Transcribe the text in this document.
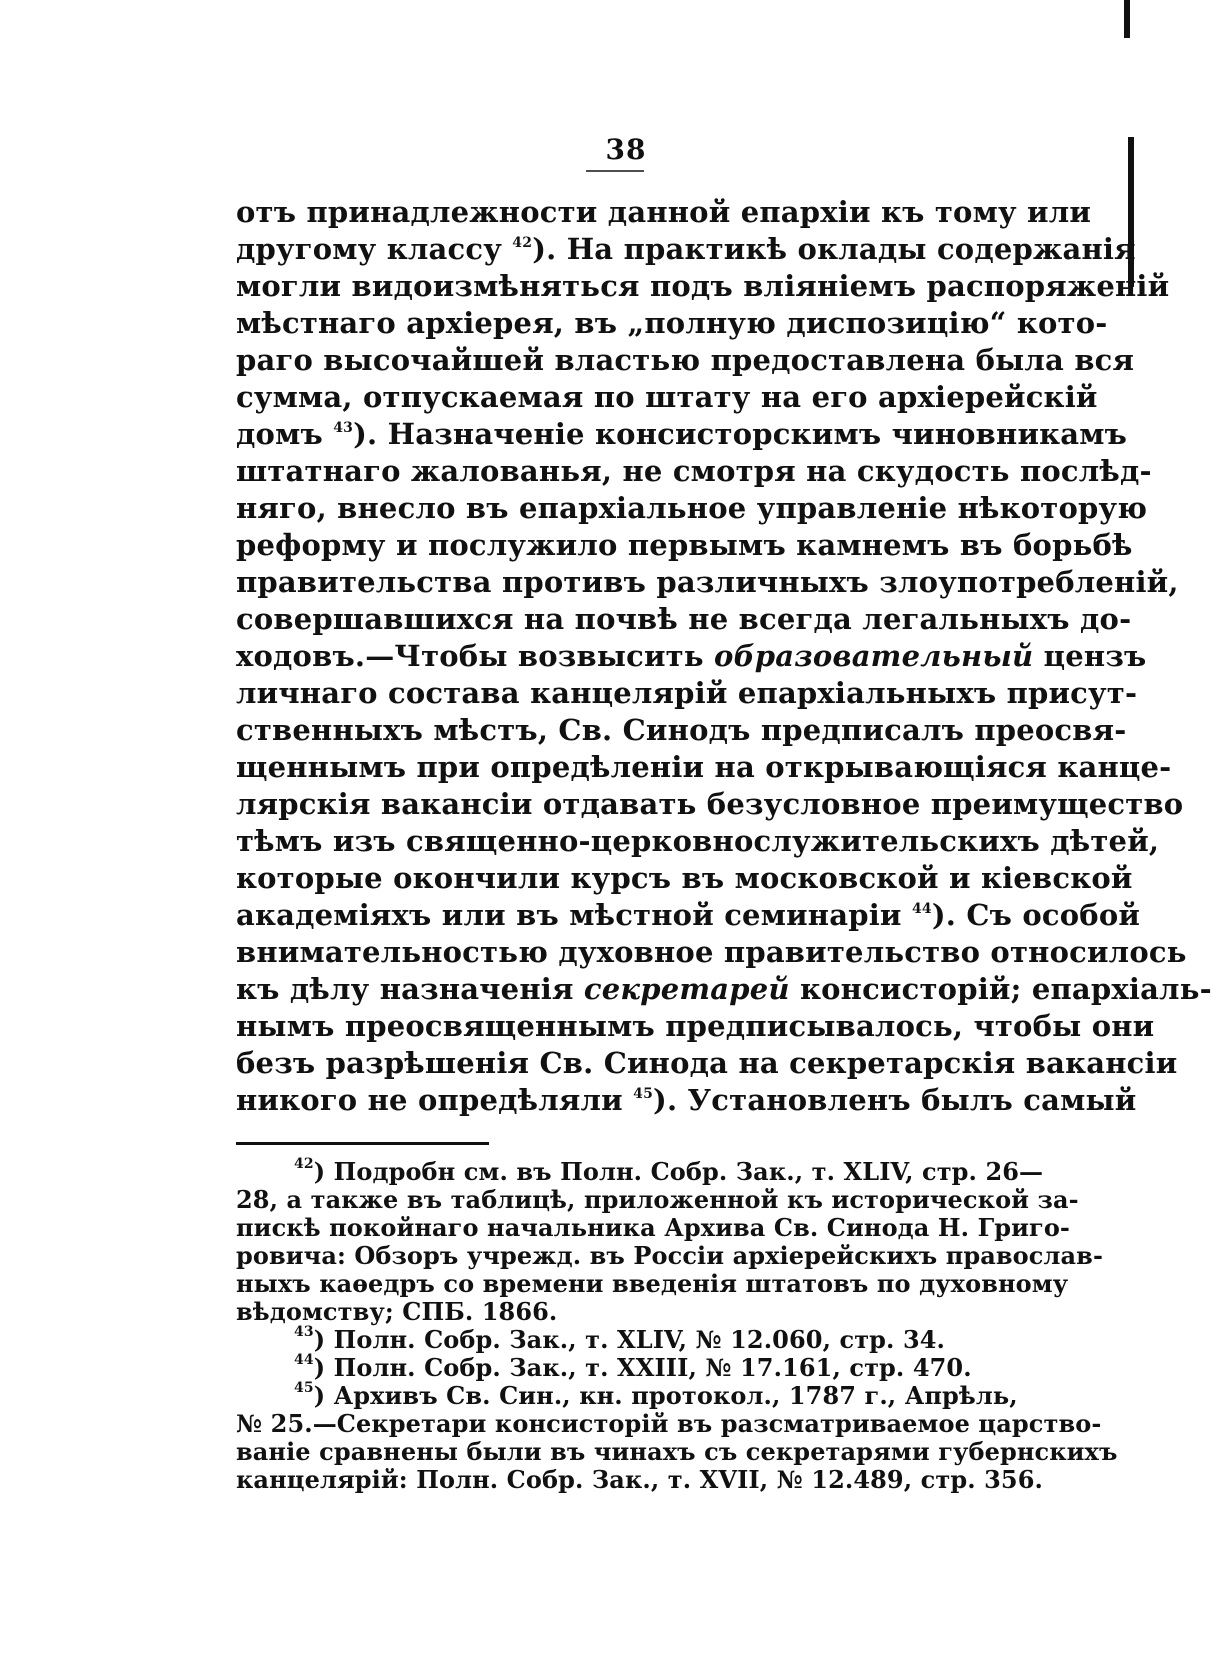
38
отъ принадлежности данной епархіи къ тому или
другому классу $^{42}$). На практикѣ оклады содержанія
могли видоизмѣняться подъ вліяніемъ распоряженій
мѣстнаго архіерея, въ „полную диспозицію“ кото-
раго высочайшей властью предоставлена была вся
сумма, отпускаемая по штату на его архіерейскій
домъ $^{43}$). Назначеніе консисторскимъ чиновникамъ
штатнаго жалованья, не смотря на скудость послѣд-
няго, внесло въ епархіальное управленіе нѣкоторую
реформу и послужило первымъ камнемъ въ борьбѣ
правительства противъ различныхъ злоупотребленій,
совершавшихся на почвѣ не всегда легальныхъ до-
ходовъ.—Чтобы возвысить образовательный цензъ
личнаго состава канцелярій епархіальныхъ присут-
ственныхъ мѣстъ, Св. Синодъ предписалъ преосвя-
щеннымъ при опредѣленіи на открывающіяся канце-
лярскія вакансіи отдавать безусловное преимущество
тѣмъ изъ священно-церковнослужительскихъ дѣтей,
которые окончили курсъ въ московской и кіевской
академіяхъ или въ мѣстной семинаріи $^{44}$). Съ особой
внимательностью духовное правительство относилось
къ дѣлу назначенія секретарей консисторій; епархіаль-
нымъ преосвященнымъ предписывалось, чтобы они
безъ разрѣшенія Св. Синода на секретарскія вакансіи
никого не опредѣляли $^{45}$). Установленъ былъ самый
$^{42}$) Подробн см. въ Полн. Собр. Зак., т. XLIV, стр. 26—
28, а также въ таблицѣ, приложенной къ исторической за-
пискѣ покойнаго начальника Архива Св. Синода Н. Григо-
ровича: Обзоръ учрежд. въ Россіи архіерейскихъ православ-
ныхъ каѳедръ со времени введенія штатовъ по духовному
вѣдомству; СПБ. 1866.
$^{43}$) Полн. Собр. Зак., т. XLIV, № 12.060, стр. 34.
$^{44}$) Полн. Собр. Зак., т. XXIII, № 17.161, стр. 470.
$^{45}$) Архивъ Св. Син., кн. протокол., 1787 г., Апрѣль,
№ 25.—Секретари консисторій въ разсматриваемое царство-
ваніе сравнены были въ чинахъ съ секретарями губернскихъ
канцелярій: Полн. Собр. Зак., т. XVII, № 12.489, стр. 356.
